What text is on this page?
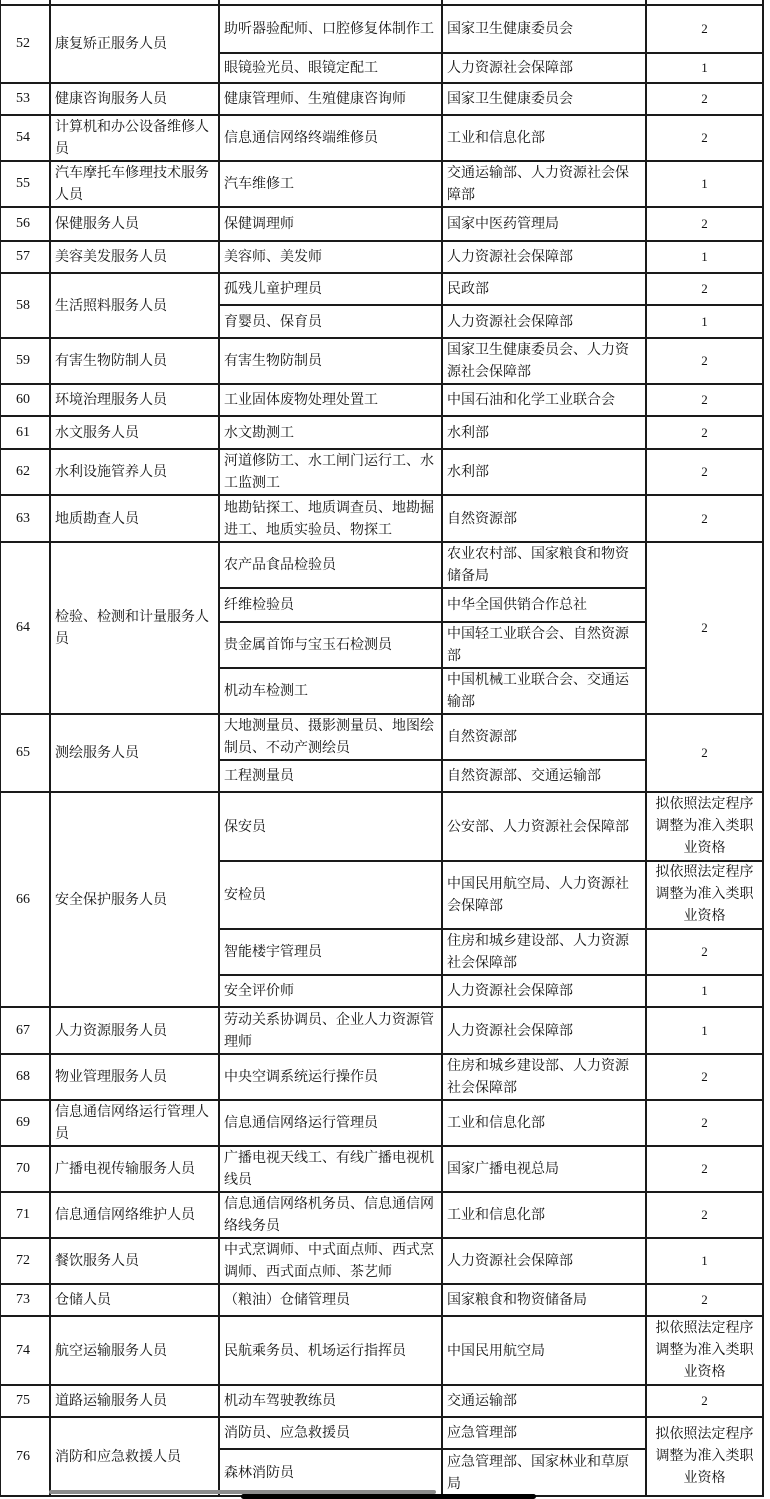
52	康复矫正服务人员	助听器验配师、口腔修复体制作工	国家卫生健康委员会	2
		眼镜验光员、眼镜定配工	人力资源社会保障部	1
53	健康咨询服务人员	健康管理师、生殖健康咨询师	国家卫生健康委员会	2
54	计算机和办公设备维修人员	信息通信网络终端维修员	工业和信息化部	2
55	汽车摩托车修理技术服务人员	汽车维修工	交通运输部、人力资源社会保障部	1
56	保健服务人员	保健调理师	国家中医药管理局	2
57	美容美发服务人员	美容师、美发师	人力资源社会保障部	1
58	生活照料服务人员	孤残儿童护理员	民政部	2
		育婴员、保育员	人力资源社会保障部	1
59	有害生物防制人员	有害生物防制员	国家卫生健康委员会、人力资源社会保障部	2
60	环境治理服务人员	工业固体废物处理处置工	中国石油和化学工业联合会	2
61	水文服务人员	水文勘测工	水利部	2
62	水利设施管养人员	河道修防工、水工闸门运行工、水工监测工	水利部	2
63	地质勘查人员	地勘钻探工、地质调查员、地勘掘进工、地质实验员、物探工	自然资源部	2
64	检验、检测和计量服务人员	农产品食品检验员	农业农村部、国家粮食和物资储备局	2
		纤维检验员	中华全国供销合作总社	
		贵金属首饰与宝玉石检测员	中国轻工业联合会、自然资源部	
		机动车检测工	中国机械工业联合会、交通运输部	
65	测绘服务人员	大地测量员、摄影测量员、地图绘制员、不动产测绘员	自然资源部	2
		工程测量员	自然资源部、交通运输部	
66	安全保护服务人员	保安员	公安部、人力资源社会保障部	拟依照法定程序调整为准入类职业资格
		安检员	中国民用航空局、人力资源社会保障部	拟依照法定程序调整为准入类职业资格
		智能楼宇管理员	住房和城乡建设部、人力资源社会保障部	2
		安全评价师	人力资源社会保障部	1
67	人力资源服务人员	劳动关系协调员、企业人力资源管理师	人力资源社会保障部	1
68	物业管理服务人员	中央空调系统运行操作员	住房和城乡建设部、人力资源社会保障部	2
69	信息通信网络运行管理人员	信息通信网络运行管理员	工业和信息化部	2
70	广播电视传输服务人员	广播电视天线工、有线广播电视机线员	国家广播电视总局	2
71	信息通信网络维护人员	信息通信网络机务员、信息通信网络线务员	工业和信息化部	2
72	餐饮服务人员	中式烹调师、中式面点师、西式烹调师、西式面点师、茶艺师	人力资源社会保障部	1
73	仓储人员	（粮油）仓储管理员	国家粮食和物资储备局	2
74	航空运输服务人员	民航乘务员、机场运行指挥员	中国民用航空局	拟依照法定程序调整为准入类职业资格
75	道路运输服务人员	机动车驾驶教练员	交通运输部	2
76	消防和应急救援人员	消防员、应急救援员	应急管理部	拟依照法定程序调整为准入类职业资格
		森林消防员	应急管理部、国家林业和草原局	
